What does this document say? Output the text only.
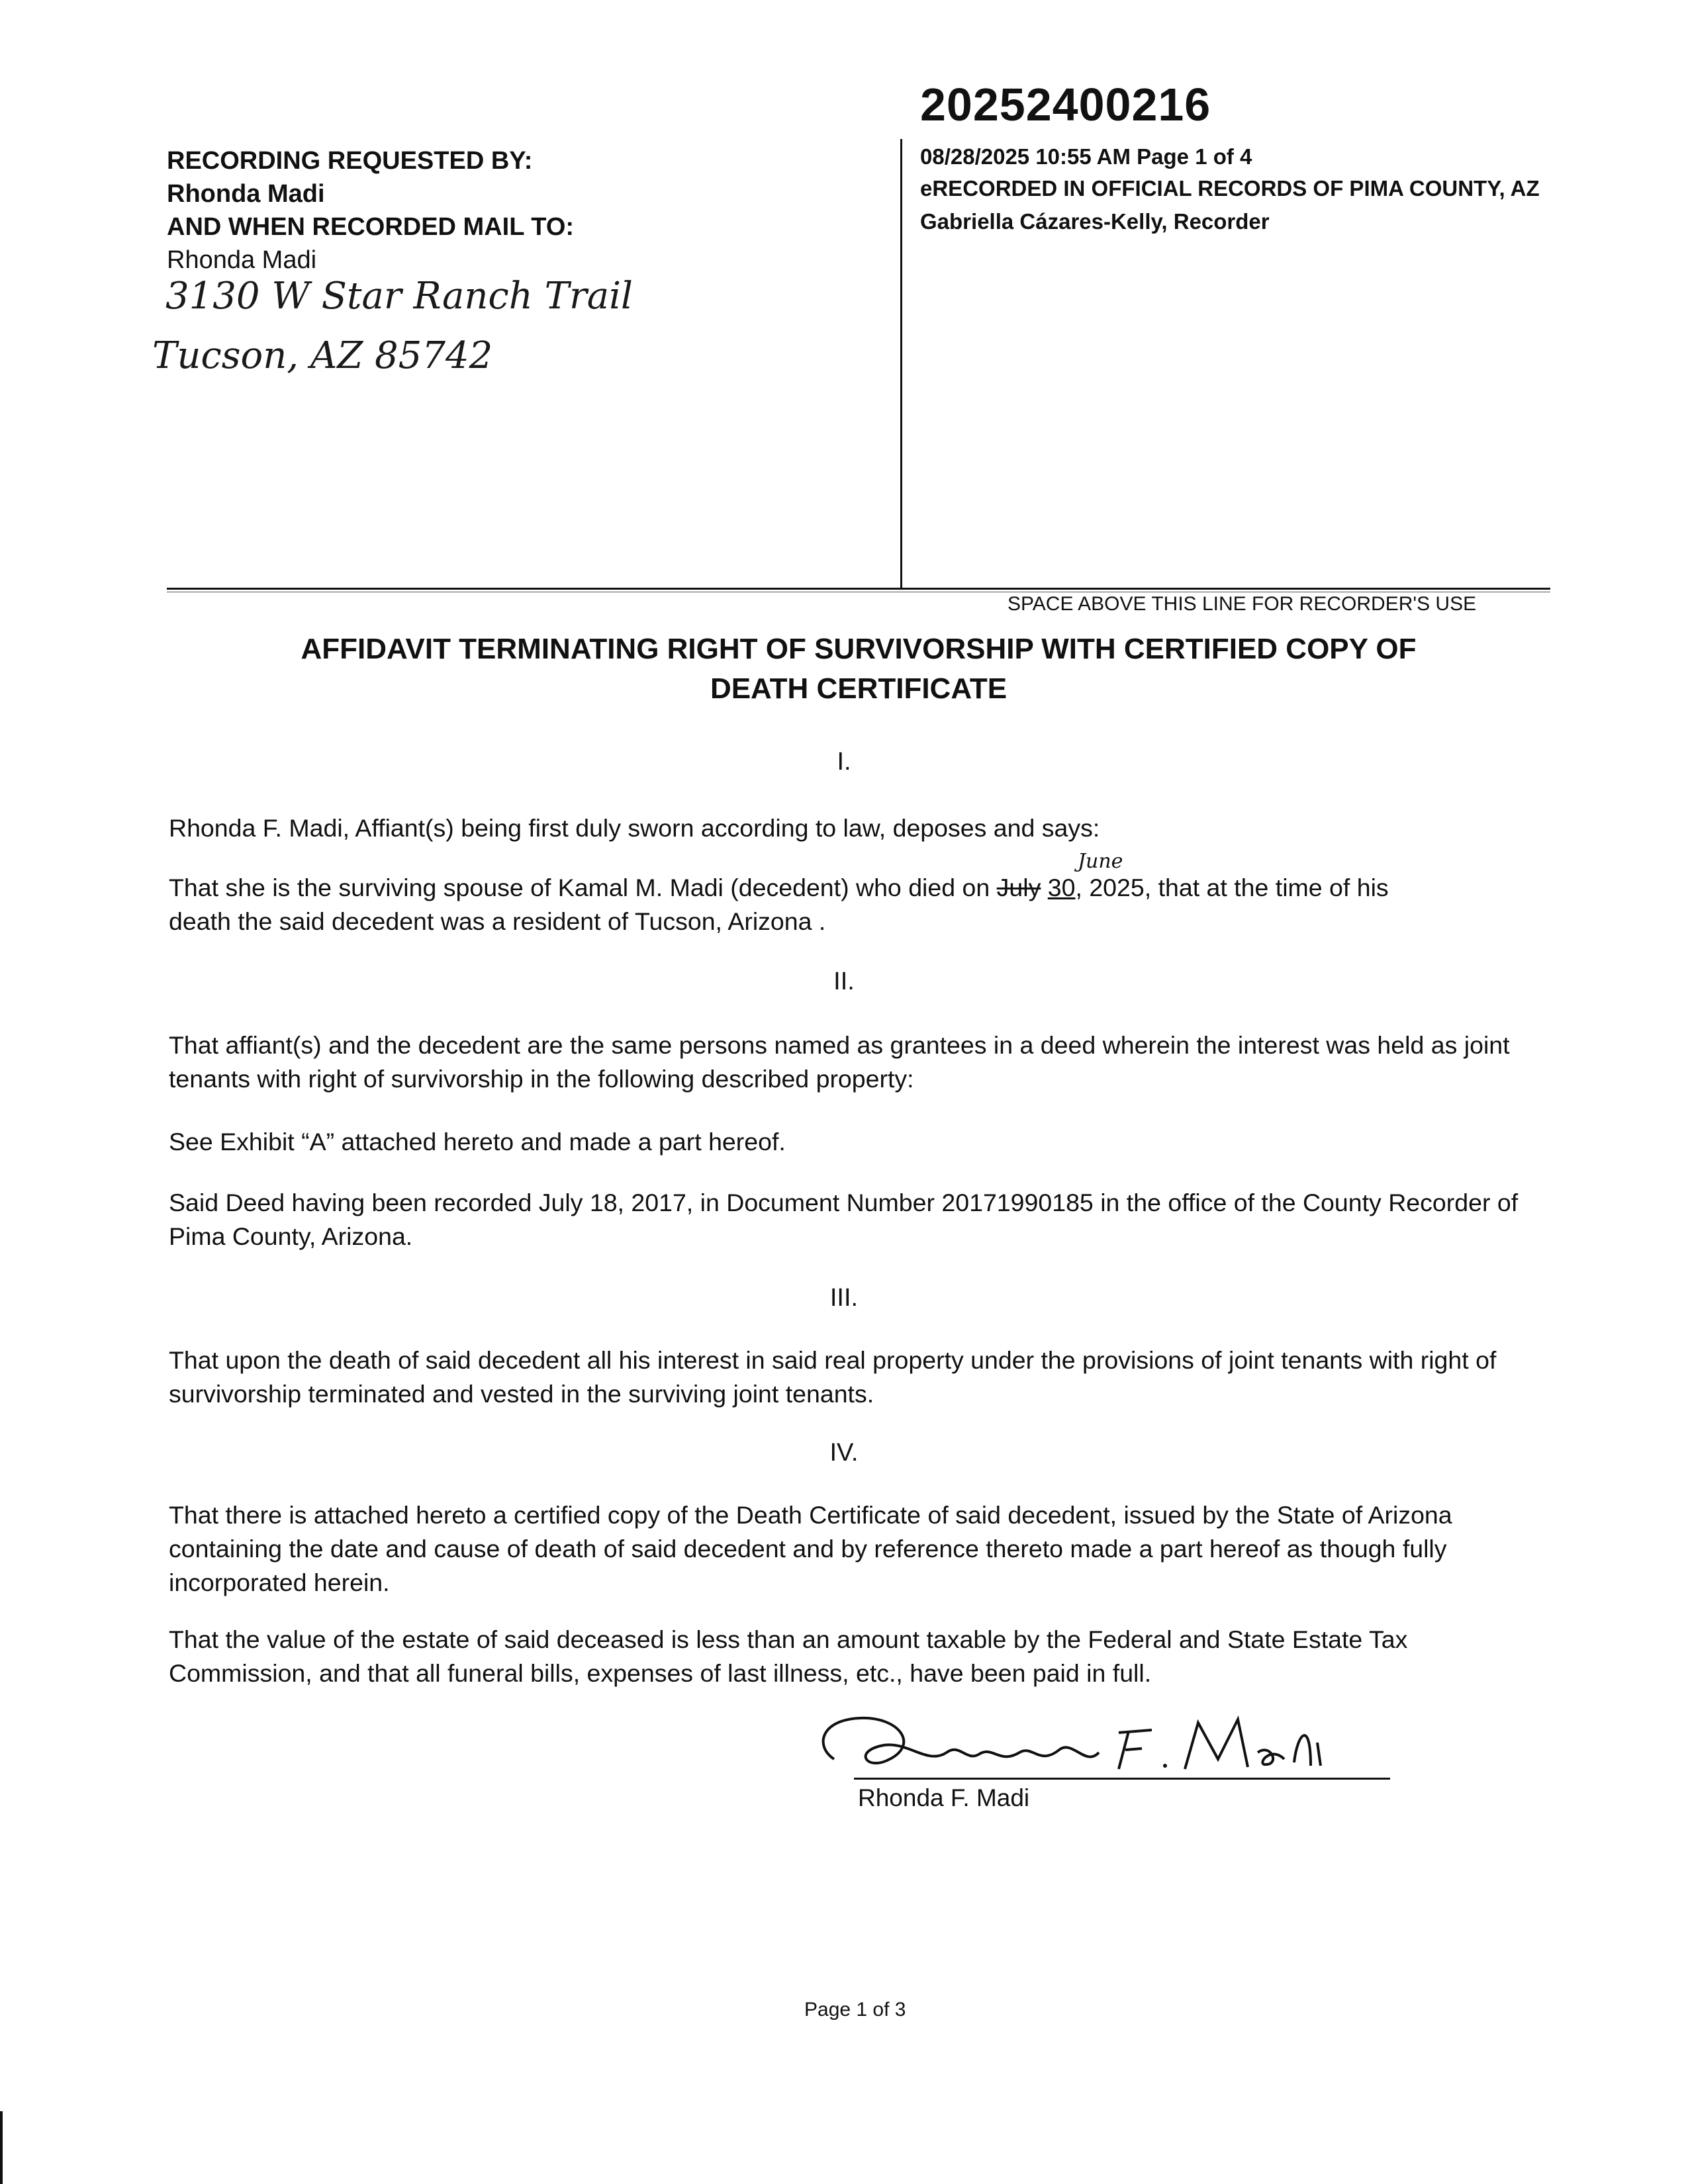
20252400216
08/28/2025 10:55 AM Page 1 of 4
eRECORDED IN OFFICIAL RECORDS OF PIMA COUNTY, AZ
Gabriella Cázares-Kelly, Recorder
RECORDING REQUESTED BY:
Rhonda Madi
AND WHEN RECORDED MAIL TO:
Rhonda Madi
3130 W Star Ranch Trail
Tucson, AZ 85742
SPACE ABOVE THIS LINE FOR RECORDER'S USE
AFFIDAVIT TERMINATING RIGHT OF SURVIVORSHIP WITH CERTIFIED COPY OF
DEATH CERTIFICATE
I.
Rhonda F. Madi, Affiant(s) being first duly sworn according to law, deposes and says:
That she is the surviving spouse of Kamal M. Madi (decedent) who died on July 30, 2025, that at the time of his
June
death the said decedent was a resident of Tucson, Arizona .
II.
That affiant(s) and the decedent are the same persons named as grantees in a deed wherein the interest was held as joint tenants with right of survivorship in the following described property:
See Exhibit “A” attached hereto and made a part hereof.
Said Deed having been recorded July 18, 2017, in Document Number 20171990185 in the office of the County Recorder of Pima County, Arizona.
III.
That upon the death of said decedent all his interest in said real property under the provisions of joint tenants with right of survivorship terminated and vested in the surviving joint tenants.
IV.
That there is attached hereto a certified copy of the Death Certificate of said decedent, issued by the State of Arizona containing the date and cause of death of said decedent and by reference thereto made a part hereof as though fully incorporated herein.
That the value of the estate of said deceased is less than an amount taxable by the Federal and State Estate Tax Commission, and that all funeral bills, expenses of last illness, etc., have been paid in full.
Rhonda F. Madi
Page 1 of 3
